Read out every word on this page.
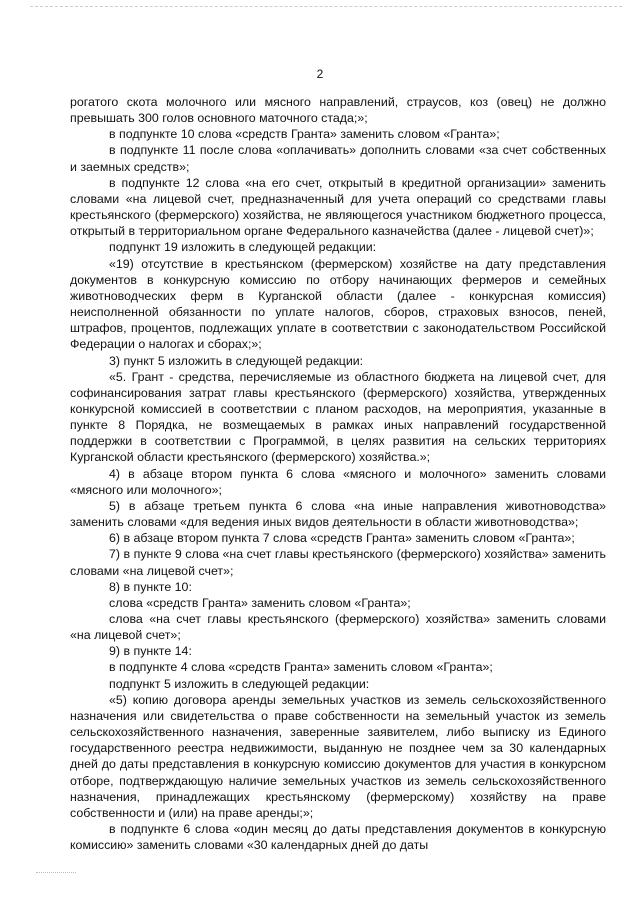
2

рогатого скота молочного или мясного направлений, страусов, коз (овец) не должно превышать 300 голов основного маточного стада;»;

в подпункте 10 слова «средств Гранта» заменить словом «Гранта»;

в подпункте 11 после слова «оплачивать» дополнить словами «за счет собственных и заемных средств»;

в подпункте 12 слова «на его счет, открытый в кредитной организации» заменить словами «на лицевой счет, предназначенный для учета операций со средствами главы крестьянского (фермерского) хозяйства, не являющегося участником бюджетного процесса, открытый в территориальном органе Федерального казначейства (далее - лицевой счет)»;

подпункт 19 изложить в следующей редакции:

«19) отсутствие в крестьянском (фермерском) хозяйстве на дату представления документов в конкурсную комиссию по отбору начинающих фермеров и семейных животноводческих ферм в Курганской области (далее - конкурсная комиссия) неисполненной обязанности по уплате налогов, сборов, страховых взносов, пеней, штрафов, процентов, подлежащих уплате в соответствии с законодательством Российской Федерации о налогах и сборах;»;

3) пункт 5 изложить в следующей редакции:

«5. Грант - средства, перечисляемые из областного бюджета на лицевой счет, для софинансирования затрат главы крестьянского (фермерского) хозяйства, утвержденных конкурсной комиссией в соответствии с планом расходов, на мероприятия, указанные в пункте 8 Порядка, не возмещаемых в рамках иных направлений государственной поддержки в соответствии с Программой, в целях развития на сельских территориях Курганской области крестьянского (фермерского) хозяйства.»;

4) в абзаце втором пункта 6 слова «мясного и молочного» заменить словами «мясного или молочного»;

5) в абзаце третьем пункта 6 слова «на иные направления животноводства» заменить словами «для ведения иных видов деятельности в области животноводства»;

6) в абзаце втором пункта 7 слова «средств Гранта» заменить словом «Гранта»;

7) в пункте 9 слова «на счет главы крестьянского (фермерского) хозяйства» заменить словами «на лицевой счет»;

8) в пункте 10:

слова «средств Гранта» заменить словом «Гранта»;

слова «на счет главы крестьянского (фермерского) хозяйства» заменить словами «на лицевой счет»;

9) в пункте 14:

в подпункте 4 слова «средств Гранта» заменить словом «Гранта»;

подпункт 5 изложить в следующей редакции:

«5) копию договора аренды земельных участков из земель сельскохозяйственного назначения или свидетельства о праве собственности на земельный участок из земель сельскохозяйственного назначения, заверенные заявителем, либо выписку из Единого государственного реестра недвижимости, выданную не позднее чем за 30 календарных дней до даты представления в конкурсную комиссию документов для участия в конкурсном отборе, подтверждающую наличие земельных участков из земель сельскохозяйственного назначения, принадлежащих крестьянскому (фермерскому) хозяйству на праве собственности и (или) на праве аренды;»;

в подпункте 6 слова «один месяц до даты представления документов в конкурсную комиссию» заменить словами «30 календарных дней до даты
